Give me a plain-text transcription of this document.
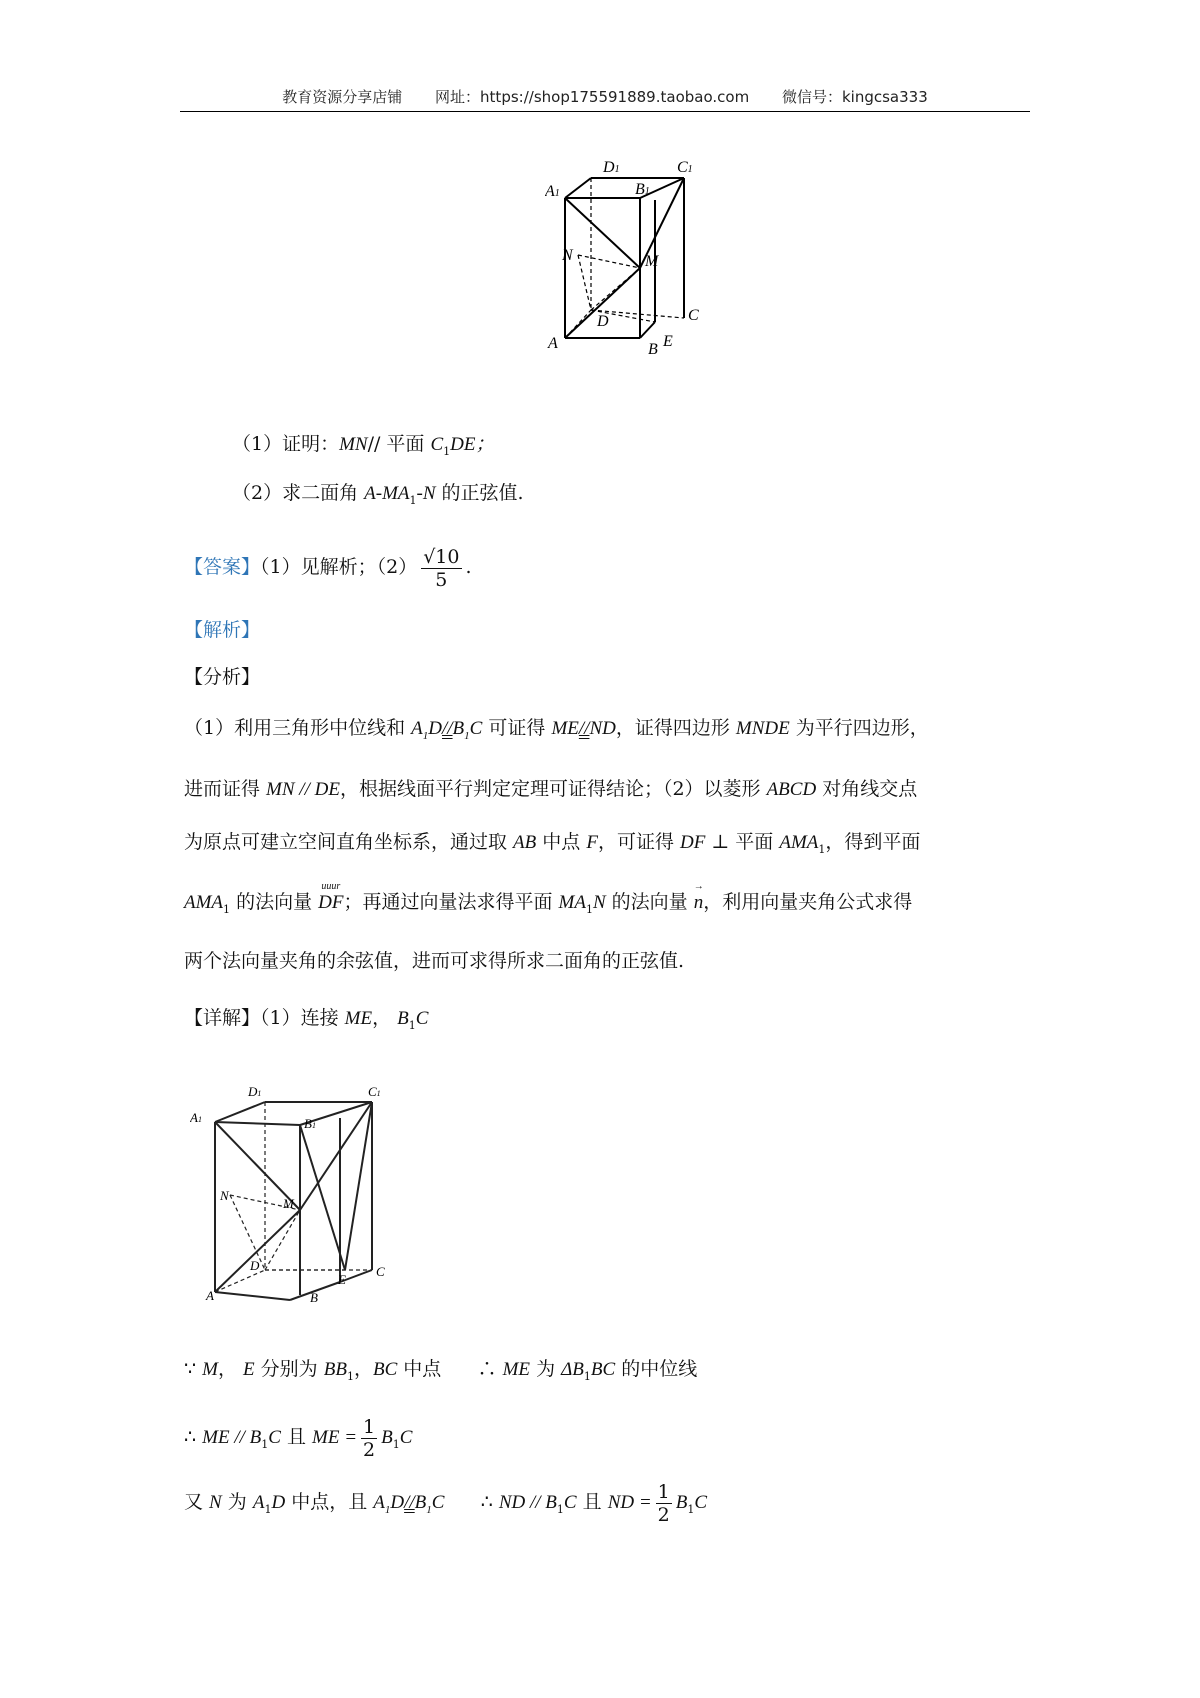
教育资源分享店铺 网址：https://shop175591889.taobao.com 微信号：kingcsa333
D1	C1
A1	B1
N	M
D	C
A	B E
（1）证明：MN// 平面 $C_1DE$；
（2）求二面角 $A-MA_1-N$ 的正弦值.
【答案】（1）见解析；$(2) \frac{√10}{5}$ .
【解析】
【分析】
（1）利用三角形中位线和 $A_1D//B_1C$ 可证得 ME//ND，证得四边形 MNDE 为平行四边形，
进而证得 MN // DE，根据线面平行判定定理可证得结论；（2）以菱形 ABCD 对角线交点
为原点可建立空间直角坐标系，通过取 AB 中点 F，可证得 DF ⊥ 平面 $AMA_1$，得到平面
$AMA_1$ 的法向量
uuur
DF；再通过向量法求得平面 $MA_1N$ 的法向量
→
n，利用向量夹角公式求得
两个法向量夹角的余弦值，进而可求得所求二面角的正弦值.
【详解】（1）连接 ME， $B_1C$
D1	C1
A1	B1
N
M
D	C
A	B
E
∵ M， E 分别为 $BB_1$，BC 中点 ∴ ME 为 $\Delta B_1BC$ 的中位线
∴ ME // $B_1C$ 且 ME = $\frac{1}{2} B_1C$
又 N 为 $A_1D$ 中点，且 $A_1D//B_1C$ ∴ ND // $B_1C$ 且 ND = $\frac{1}{2} B_1C$
